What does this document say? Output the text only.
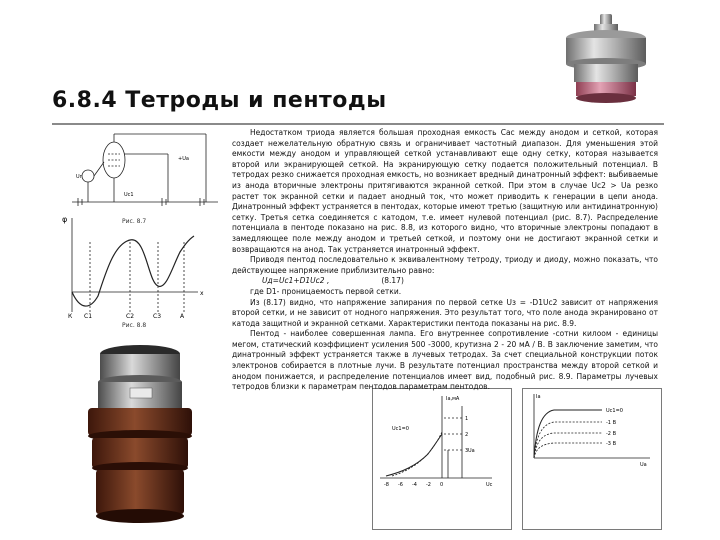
6.8.4 Тетроды и пентоды
Uг
+Uа
Uс1
Рис. 8.7
φ
x
К С1	С2	С3	А
Рис. 8.8

Недостатком триода является большая проходная емкость Сас между анодом и сеткой, которая создает нежелательную обратную связь и ограничивает частотный диапазон. Для уменьшения этой емкости между анодом и управляющей сеткой устанавливают еще одну сетку, которая называется второй или экранирующей сеткой. На экранирующую сетку подается положительный потенциал. В тетродах резко снижается проходная емкость, но возникает вредный динатронный эффект: выбиваемые из анода вторичные электроны притягиваются экранной сеткой. При этом в случае Uс2 > Uа резко растет ток экранной сетки и падает анодный ток, что может приводить к генерации в цепи анода. Динатронный эффект устраняется в пентодах, которые имеют третью (защитную или антидинатронную) сетку. Третья сетка соединяется с катодом, т.е. имеет нулевой потенциал (рис. 8.7). Распределение потенциала в пентоде показано на рис. 8.8, из которого видно, что вторичные электроны попадают в замедляющее поле между анодом и третьей сеткой, и поэтому они не достигают экранной сетки и возвращаются на анод. Так устраняется инатронный эффект.

Приводя пентод последовательно к эквивалентному тетроду, триоду и диоду, можно показать, что действующее напряжение приблизительно равно:

Uд=Uс1+D1Uс2 ,	(8.17)

где D1- проницаемость первой сетки.

Из (8.17) видно, что напряжение запирания по первой сетке Uз = -D1Uс2 зависит от напряжения второй сетки, и не зависит от нодного напряжения. Это результат того, что поле анода экранировано от катода защитной и экранной сетками. Характеристики пентода показаны на рис. 8.9.

Пентод - наиболее совершенная лампа. Его внутреннее сопротивление -сотни килоом - единицы мегом, статический коэффициент усиления 500 -3000, крутизна 2 - 20 мА / В. В заключение заметим, что динатронный эффект устраняется также в лучевых тетродах. За счет специальной конструкции поток электронов собирается в плотные лучи. В результате потенциал пространства между второй сеткой и анодом понижается, и распределение потенциалов имеет вид, подобный рис. 8.9. Параметры лучевых тетродов близки к параметрам пентодов параметрам пентодов.

Iа,мА
Uс1=0
Uа
Uc
-8 -6 -4 -2 0
1
2
3
Iа
Uа
Uс1=0
-1 В
-2 В
-3 В
